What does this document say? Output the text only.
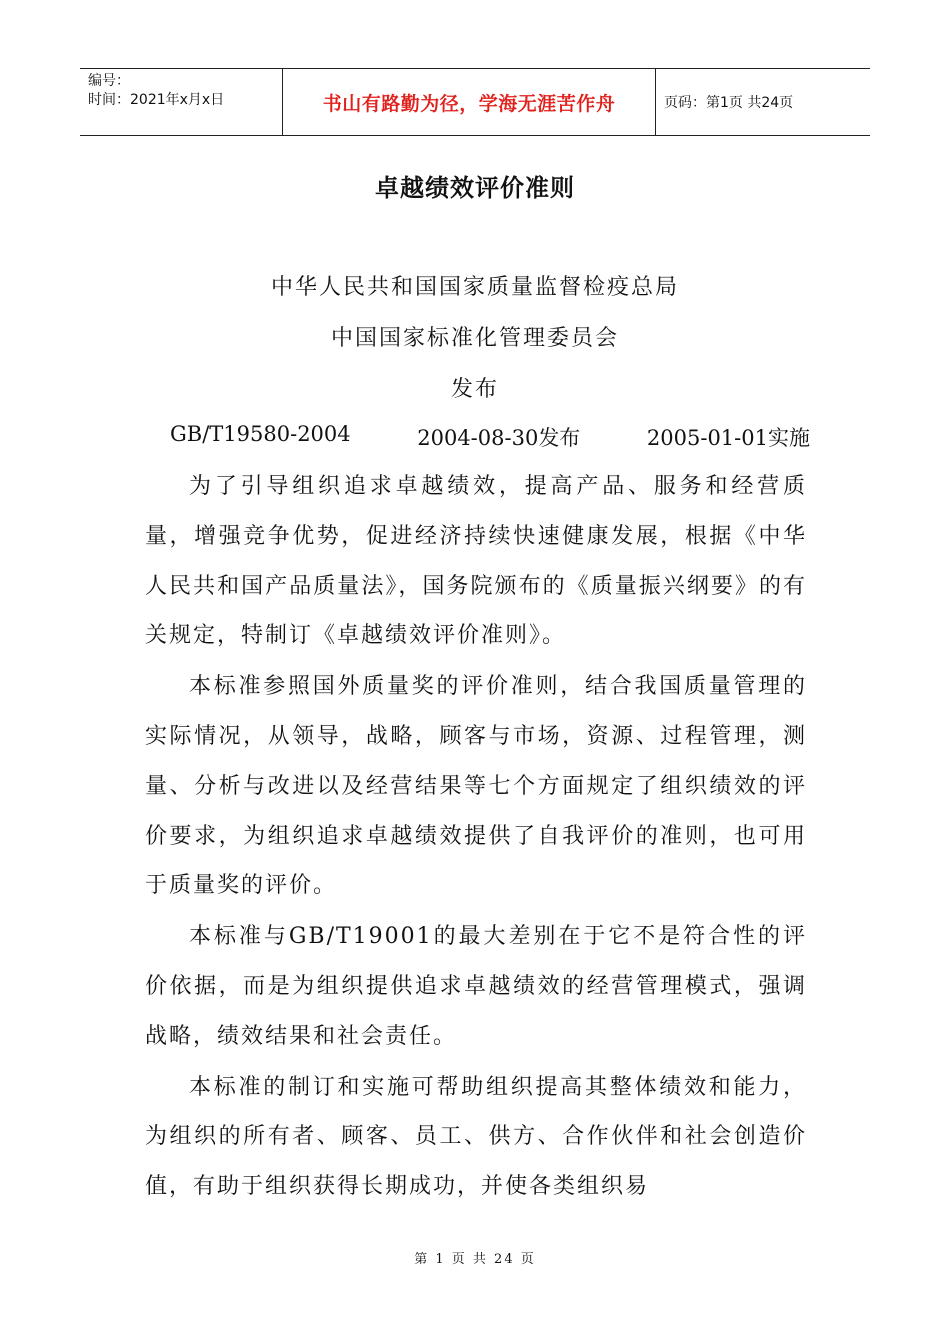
编号：
时间：2021年x月x日	书山有路勤为径，学海无涯苦作舟	页码：第1页 共24页
卓越绩效评价准则
中华人民共和国国家质量监督检疫总局
中国国家标准化管理委员会
发布
GB/T19580-2004	2004-08-30发布	2005-01-01实施

为了引导组织追求卓越绩效，提高产品、服务和经营质量，增强竞争优势，促进经济持续快速健康发展，根据《中华人民共和国产品质量法》，国务院颁布的《质量振兴纲要》的有关规定，特制订《卓越绩效评价准则》。

本标准参照国外质量奖的评价准则，结合我国质量管理的实际情况，从领导，战略，顾客与市场，资源、过程管理，测量、分析与改进以及经营结果等七个方面规定了组织绩效的评价要求，为组织追求卓越绩效提供了自我评价的准则，也可用于质量奖的评价。

本标准与GB/T19001的最大差别在于它不是符合性的评价依据，而是为组织提供追求卓越绩效的经营管理模式，强调战略，绩效结果和社会责任。

本标准的制订和实施可帮助组织提高其整体绩效和能力，为组织的所有者、顾客、员工、供方、合作伙伴和社会创造价值，有助于组织获得长期成功，并使各类组织易

第 1 页 共 24 页
